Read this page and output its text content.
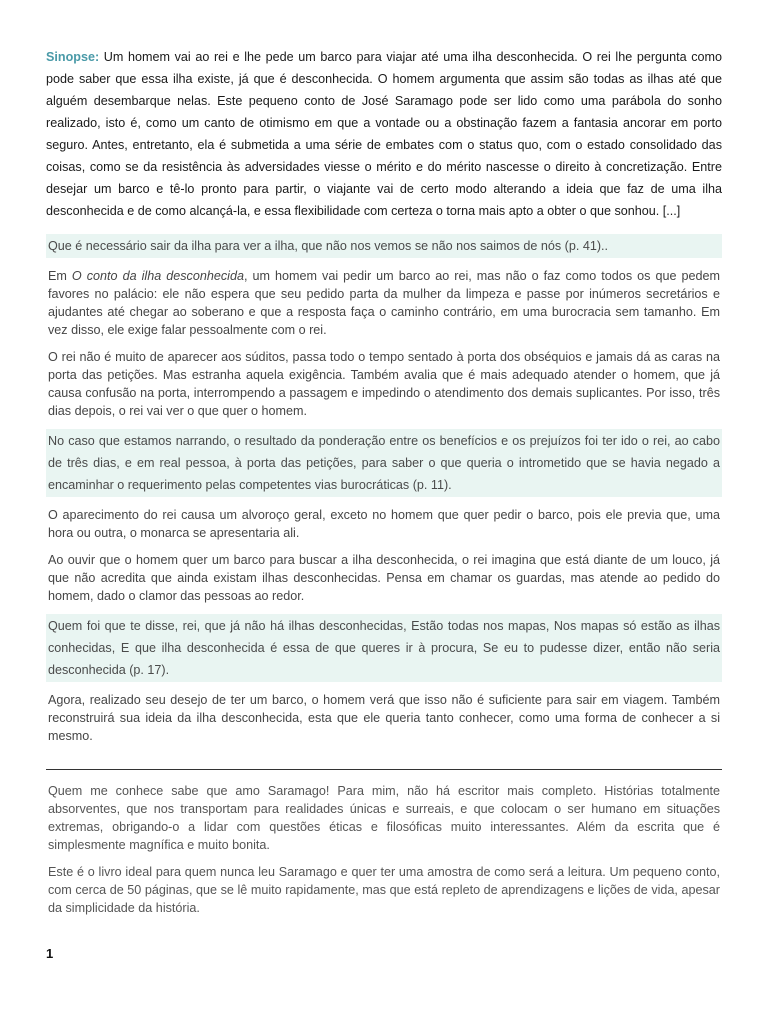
Sinopse: Um homem vai ao rei e lhe pede um barco para viajar até uma ilha desconhecida. O rei lhe pergunta como pode saber que essa ilha existe, já que é desconhecida. O homem argumenta que assim são todas as ilhas até que alguém desembarque nelas. Este pequeno conto de José Saramago pode ser lido como uma parábola do sonho realizado, isto é, como um canto de otimismo em que a vontade ou a obstinação fazem a fantasia ancorar em porto seguro. Antes, entretanto, ela é submetida a uma série de embates com o status quo, com o estado consolidado das coisas, como se da resistência às adversidades viesse o mérito e do mérito nascesse o direito à concretização. Entre desejar um barco e tê-lo pronto para partir, o viajante vai de certo modo alterando a ideia que faz de uma ilha desconhecida e de como alcançá-la, e essa flexibilidade com certeza o torna mais apto a obter o que sonhou. [...]

Que é necessário sair da ilha para ver a ilha, que não nos vemos se não nos saimos de nós (p. 41)..

Em O conto da ilha desconhecida, um homem vai pedir um barco ao rei, mas não o faz como todos os que pedem favores no palácio: ele não espera que seu pedido parta da mulher da limpeza e passe por inúmeros secretários e ajudantes até chegar ao soberano e que a resposta faça o caminho contrário, em uma burocracia sem tamanho. Em vez disso, ele exige falar pessoalmente com o rei.

O rei não é muito de aparecer aos súditos, passa todo o tempo sentado à porta dos obséquios e jamais dá as caras na porta das petições. Mas estranha aquela exigência. Também avalia que é mais adequado atender o homem, que já causa confusão na porta, interrompendo a passagem e impedindo o atendimento dos demais suplicantes. Por isso, três dias depois, o rei vai ver o que quer o homem.

No caso que estamos narrando, o resultado da ponderação entre os benefícios e os prejuízos foi ter ido o rei, ao cabo de três dias, e em real pessoa, à porta das petições, para saber o que queria o intrometido que se havia negado a encaminhar o requerimento pelas competentes vias burocráticas (p. 11).

O aparecimento do rei causa um alvoroço geral, exceto no homem que quer pedir o barco, pois ele previa que, uma hora ou outra, o monarca se apresentaria ali.

Ao ouvir que o homem quer um barco para buscar a ilha desconhecida, o rei imagina que está diante de um louco, já que não acredita que ainda existam ilhas desconhecidas. Pensa em chamar os guardas, mas atende ao pedido do homem, dado o clamor das pessoas ao redor.

Quem foi que te disse, rei, que já não há ilhas desconhecidas, Estão todas nos mapas, Nos mapas só estão as ilhas conhecidas, E que ilha desconhecida é essa de que queres ir à procura, Se eu to pudesse dizer, então não seria desconhecida (p. 17).

Agora, realizado seu desejo de ter um barco, o homem verá que isso não é suficiente para sair em viagem. Também reconstruirá sua ideia da ilha desconhecida, esta que ele queria tanto conhecer, como uma forma de conhecer a si mesmo.

Quem me conhece sabe que amo Saramago! Para mim, não há escritor mais completo. Histórias totalmente absorventes, que nos transportam para realidades únicas e surreais, e que colocam o ser humano em situações extremas, obrigando-o a lidar com questões éticas e filosóficas muito interessantes. Além da escrita que é simplesmente magnífica e muito bonita.

Este é o livro ideal para quem nunca leu Saramago e quer ter uma amostra de como será a leitura. Um pequeno conto, com cerca de 50 páginas, que se lê muito rapidamente, mas que está repleto de aprendizagens e lições de vida, apesar da simplicidade da história.

1
